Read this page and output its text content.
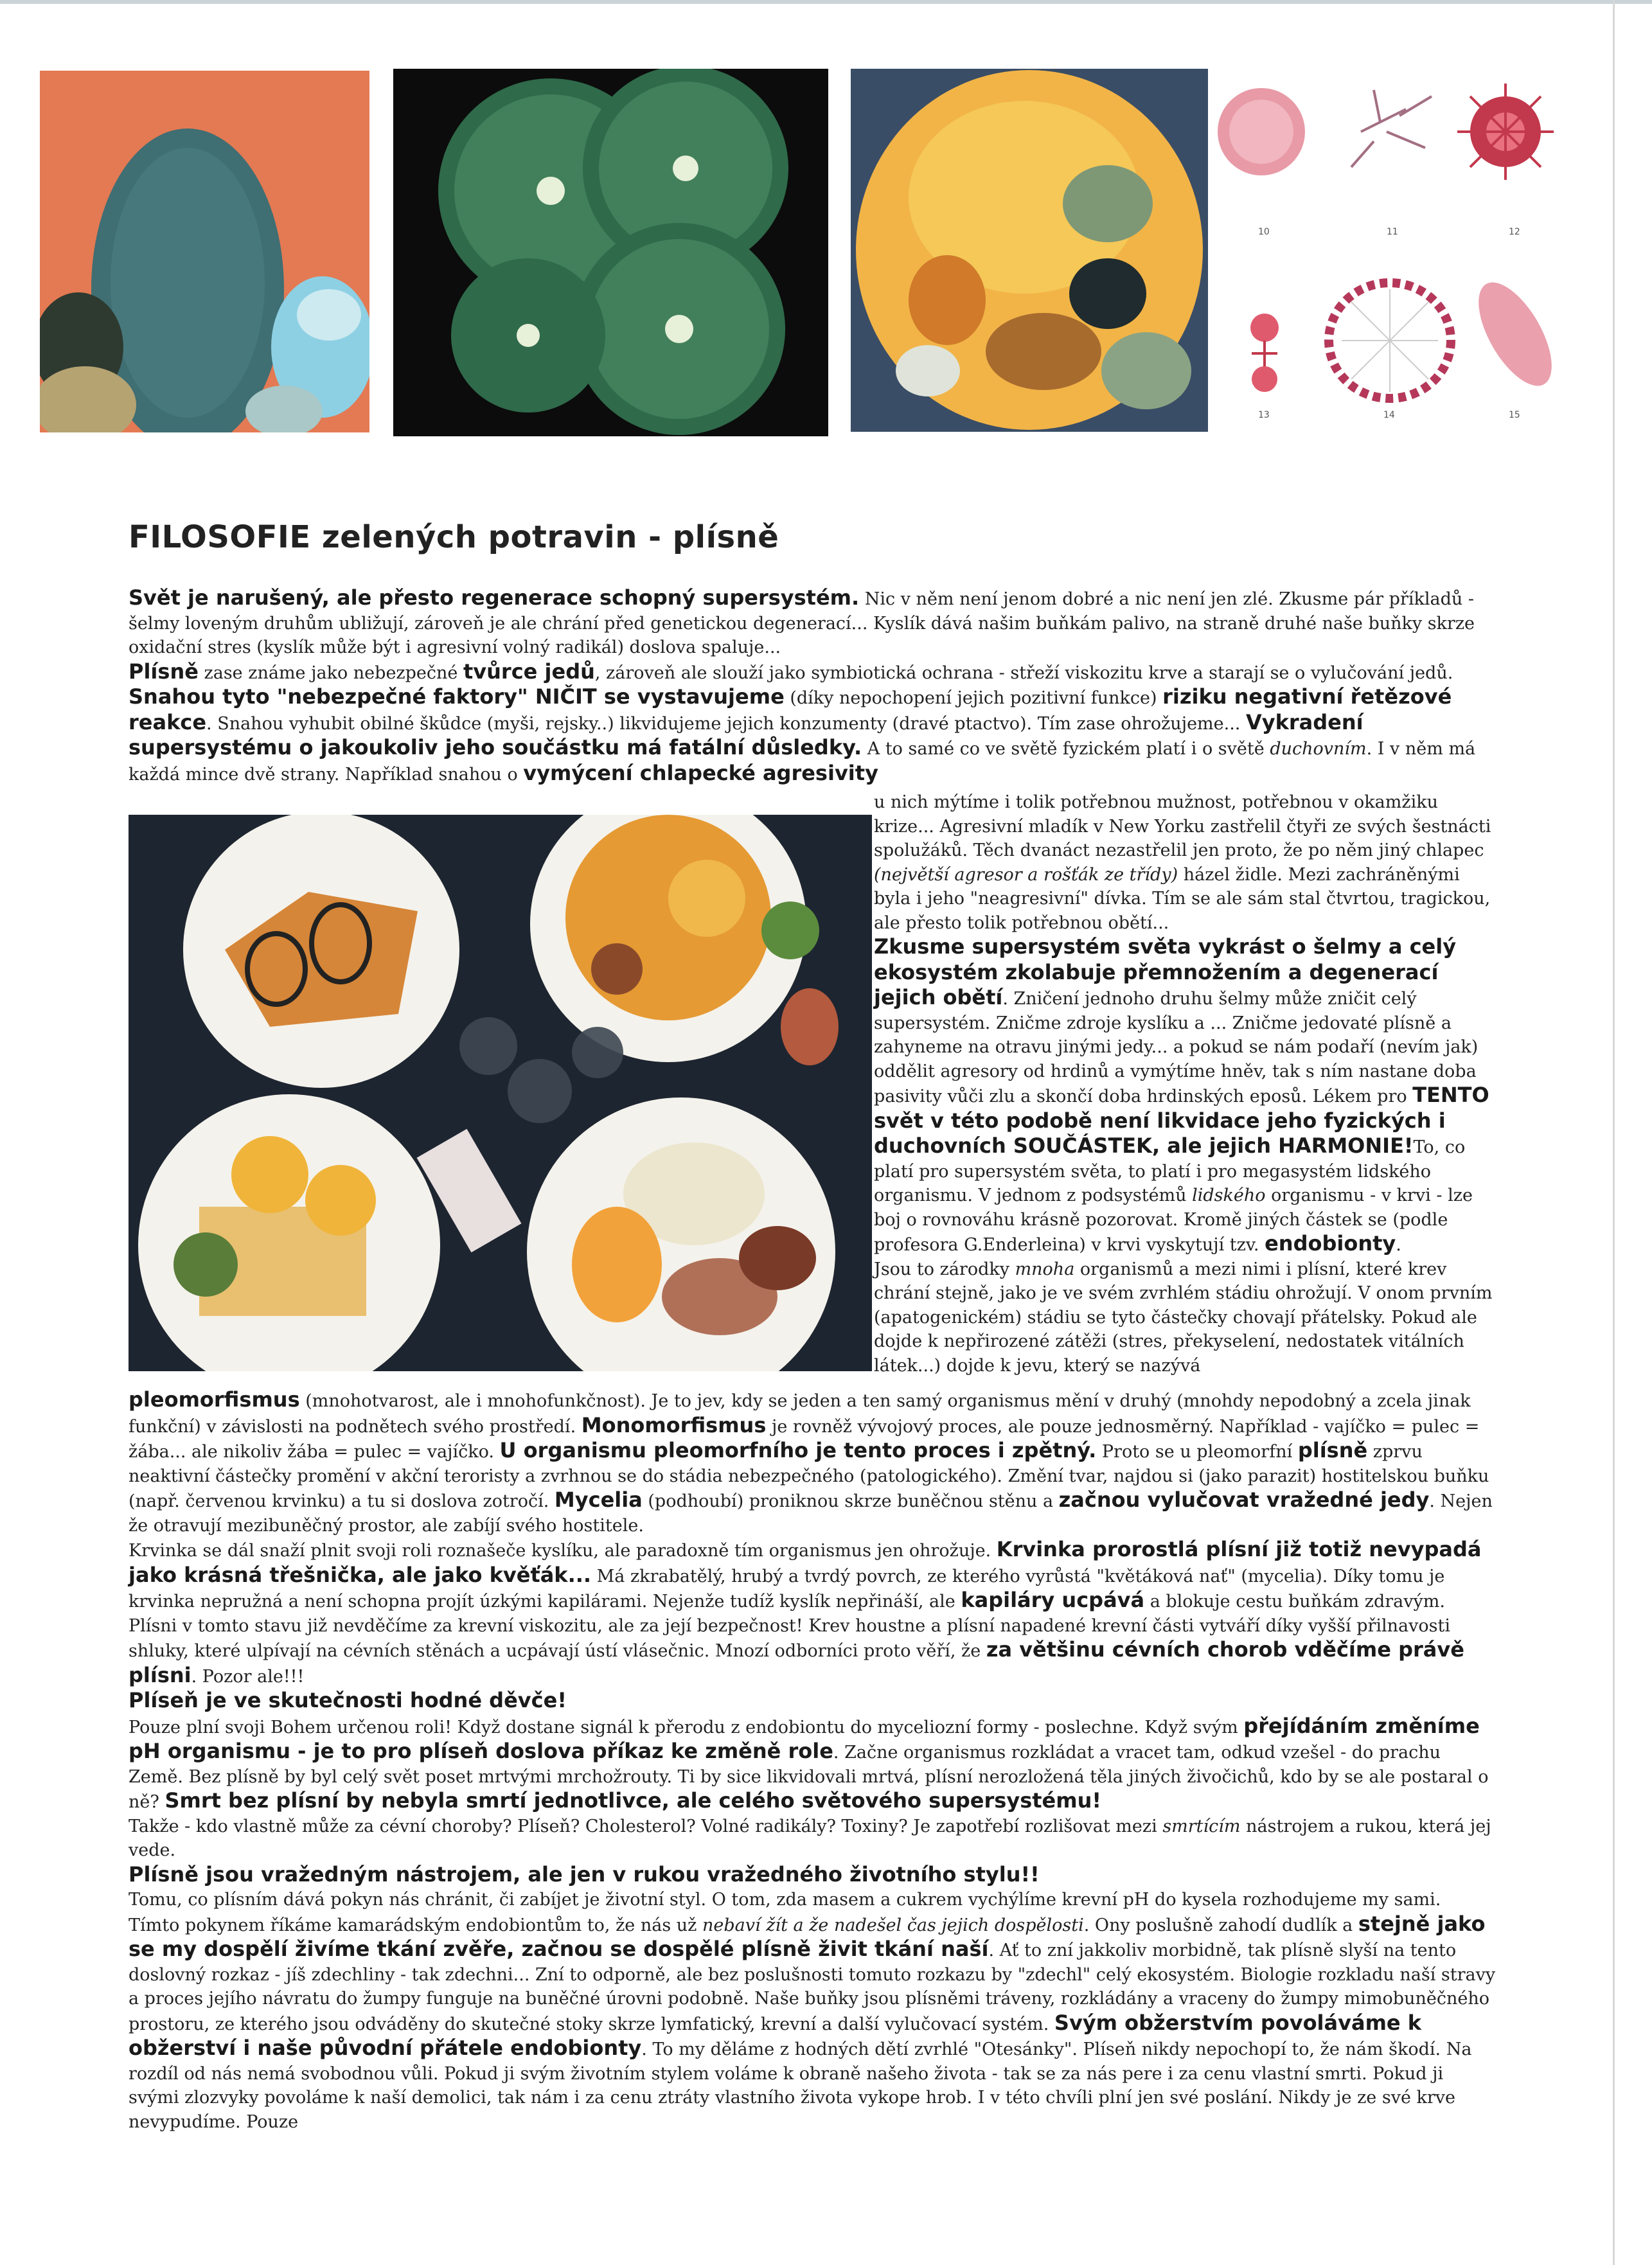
10	11	12
13	14	15
FILOSOFIE zelených potravin - plísně

Svět je narušený, ale přesto regenerace schopný supersystém. Nic v něm není jenom dobré a nic není jen zlé. Zkusme pár příkladů - šelmy loveným druhům ubližují, zároveň je ale chrání před genetickou degenerací... Kyslík dává našim buňkám palivo, na straně druhé naše buňky skrze oxidační stres (kyslík může být i agresivní volný radikál) doslova spaluje...
Plísně zase známe jako nebezpečné tvůrce jedů, zároveň ale slouží jako symbiotická ochrana - střeží viskozitu krve a starají se o vylučování jedů.
Snahou tyto "nebezpečné faktory" NIČIT se vystavujeme (díky nepochopení jejich pozitivní funkce) riziku negativní řetězové reakce. Snahou vyhubit obilné škůdce (myši, rejsky..) likvidujeme jejich konzumenty (dravé ptactvo). Tím zase ohrožujeme... Vykradení supersystému o jakoukoliv jeho součástku má fatální důsledky. A to samé co ve světě fyzickém platí i o světě duchovním. I v něm má každá mince dvě strany. Například snahou o vymýcení chlapecké agresivity

u nich mýtíme i tolik potřebnou mužnost, potřebnou v okamžiku krize... Agresivní mladík v New Yorku zastřelil čtyři ze svých šestnácti spolužáků. Těch dvanáct nezastřelil jen proto, že po něm jiný chlapec (největší agresor a rošťák ze třídy) házel židle. Mezi zachráněnými byla i jeho "neagresivní" dívka. Tím se ale sám stal čtvrtou, tragickou, ale přesto tolik potřebnou obětí...
Zkusme supersystém světa vykrást o šelmy a celý ekosystém zkolabuje přemnožením a degenerací jejich obětí. Zničení jednoho druhu šelmy může zničit celý supersystém. Zničme zdroje kyslíku a ... Zničme jedovaté plísně a zahyneme na otravu jinými jedy... a pokud se nám podaří (nevím jak) oddělit agresory od hrdinů a vymýtíme hněv, tak s ním nastane doba pasivity vůči zlu a skončí doba hrdinských eposů. Lékem pro TENTO svět v této podobě není likvidace jeho fyzických i duchovních SOUČÁSTEK, ale jejich HARMONIE!To, co platí pro supersystém světa, to platí i pro megasystém lidského organismu. V jednom z podsystémů lidského organismu - v krvi - lze boj o rovnováhu krásně pozorovat. Kromě jiných částek se (podle profesora G.Enderleina) v krvi vyskytují tzv. endobionty.
Jsou to zárodky mnoha organismů a mezi nimi i plísní, které krev chrání stejně, jako je ve svém zvrhlém stádiu ohrožují. V onom prvním (apatogenickém) stádiu se tyto částečky chovají přátelsky. Pokud ale dojde k nepřirozené zátěži (stres, překyselení, nedostatek vitálních látek...) dojde k jevu, který se nazývá

pleomorfismus (mnohotvarost, ale i mnohofunkčnost). Je to jev, kdy se jeden a ten samý organismus mění v druhý (mnohdy nepodobný a zcela jinak funkční) v závislosti na podnětech svého prostředí. Monomorfismus je rovněž vývojový proces, ale pouze jednosměrný. Například - vajíčko = pulec = žába... ale nikoliv žába = pulec = vajíčko. U organismu pleomorfního je tento proces i zpětný. Proto se u pleomorfní plísně zprvu neaktivní částečky promění v akční teroristy a zvrhnou se do stádia nebezpečného (patologického). Změní tvar, najdou si (jako parazit) hostitelskou buňku (např. červenou krvinku) a tu si doslova zotročí. Mycelia (podhoubí) proniknou skrze buněčnou stěnu a začnou vylučovat vražedné jedy. Nejen že otravují mezibuněčný prostor, ale zabíjí svého hostitele.
Krvinka se dál snaží plnit svoji roli roznašeče kyslíku, ale paradoxně tím organismus jen ohrožuje. Krvinka prorostlá plísní již totiž nevypadá jako krásná třešnička, ale jako kvěťák... Má zkrabatělý, hrubý a tvrdý povrch, ze kterého vyrůstá "květáková nať" (mycelia). Díky tomu je krvinka nepružná a není schopna projít úzkými kapilárami. Nejenže tudíž kyslík nepřináší, ale kapiláry ucpává a blokuje cestu buňkám zdravým. Plísni v tomto stavu již nevděčíme za krevní viskozitu, ale za její bezpečnost! Krev houstne a plísní napadené krevní části vytváří díky vyšší přilnavosti shluky, které ulpívají na cévních stěnách a ucpávají ústí vlásečnic. Mnozí odborníci proto věří, že za většinu cévních chorob vděčíme právě plísni. Pozor ale!!!
Plíseň je ve skutečnosti hodné děvče!
Pouze plní svoji Bohem určenou roli! Když dostane signál k přerodu z endobiontu do myceliozní formy - poslechne. Když svým přejídáním změníme pH organismu - je to pro plíseň doslova příkaz ke změně role. Začne organismus rozkládat a vracet tam, odkud vzešel - do prachu Země. Bez plísně by byl celý svět poset mrtvými mrchožrouty. Ti by sice likvidovali mrtvá, plísní nerozložená těla jiných živočichů, kdo by se ale postaral o ně? Smrt bez plísní by nebyla smrtí jednotlivce, ale celého světového supersystému!
Takže - kdo vlastně může za cévní choroby? Plíseň? Cholesterol? Volné radikály? Toxiny? Je zapotřebí rozlišovat mezi smrtícím nástrojem a rukou, která jej vede.
Plísně jsou vražedným nástrojem, ale jen v rukou vražedného životního stylu!!
Tomu, co plísním dává pokyn nás chránit, či zabíjet je životní styl. O tom, zda masem a cukrem vychýlíme krevní pH do kysela rozhodujeme my sami. Tímto pokynem říkáme kamarádským endobiontům to, že nás už nebaví žít a že nadešel čas jejich dospělosti. Ony poslušně zahodí dudlík a stejně jako se my dospělí živíme tkání zvěře, začnou se dospělé plísně živit tkání naší. Ať to zní jakkoliv morbidně, tak plísně slyší na tento doslovný rozkaz - jíš zdechliny - tak zdechni... Zní to odporně, ale bez poslušnosti tomuto rozkazu by "zdechl" celý ekosystém. Biologie rozkladu naší stravy a proces jejího návratu do žumpy funguje na buněčné úrovni podobně. Naše buňky jsou plísněmi tráveny, rozkládány a vraceny do žumpy mimobuněčného prostoru, ze kterého jsou odváděny do skutečné stoky skrze lymfatický, krevní a další vylučovací systém. Svým obžerstvím povoláváme k obžerství i naše původní přátele endobionty. To my děláme z hodných dětí zvrhlé "Otesánky". Plíseň nikdy nepochopí to, že nám škodí. Na rozdíl od nás nemá svobodnou vůli. Pokud ji svým životním stylem voláme k obraně našeho života - tak se za nás pere i za cenu vlastní smrti. Pokud ji svými zlozvyky povoláme k naší demolici, tak nám i za cenu ztráty vlastního života vykope hrob. I v této chvíli plní jen své poslání. Nikdy je ze své krve nevypudíme. Pouze
